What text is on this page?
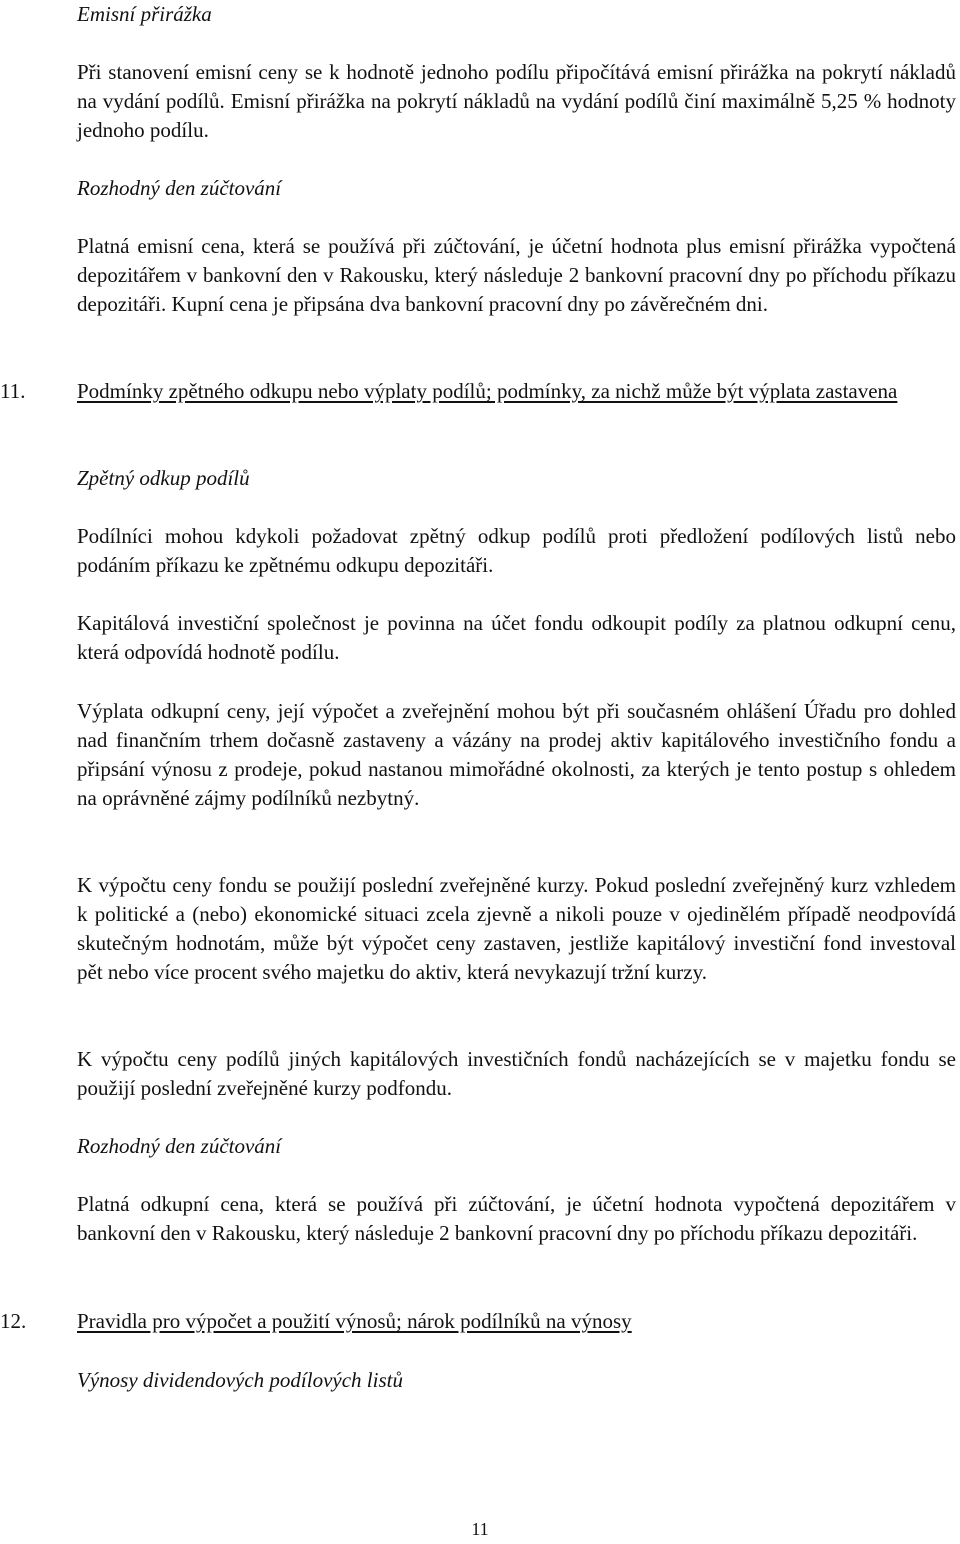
Emisní přirážka

Při stanovení emisní ceny se k hodnotě jednoho podílu připočítává emisní přirážka na pokrytí nákladů na vydání podílů. Emisní přirážka na pokrytí nákladů na vydání podílů činí maximálně 5,25 % hodnoty jednoho podílu.

Rozhodný den zúčtování

Platná emisní cena, která se používá při zúčtování, je účetní hodnota plus emisní přirážka vypočtená depozitářem v bankovní den v Rakousku, který následuje 2 bankovní pracovní dny po příchodu příkazu depozitáři. Kupní cena je připsána dva bankovní pracovní dny po závěrečném dni.

11. Podmínky zpětného odkupu nebo výplaty podílů; podmínky, za nichž může být výplata zastavena

Zpětný odkup podílů

Podílníci mohou kdykoli požadovat zpětný odkup podílů proti předložení podílových listů nebo podáním příkazu ke zpětnému odkupu depozitáři.

Kapitálová investiční společnost je povinna na účet fondu odkoupit podíly za platnou odkupní cenu, která odpovídá hodnotě podílu.

Výplata odkupní ceny, její výpočet a zveřejnění mohou být při současném ohlášení Úřadu pro dohled nad finančním trhem dočasně zastaveny a vázány na prodej aktiv kapitálového investičního fondu a připsání výnosu z prodeje, pokud nastanou mimořádné okolnosti, za kterých je tento postup s ohledem na oprávněné zájmy podílníků nezbytný.

K výpočtu ceny fondu se použijí poslední zveřejněné kurzy. Pokud poslední zveřejněný kurz vzhledem k politické a (nebo) ekonomické situaci zcela zjevně a nikoli pouze v ojedinělém případě neodpovídá skutečným hodnotám, může být výpočet ceny zastaven, jestliže kapitálový investiční fond investoval pět nebo více procent svého majetku do aktiv, která nevykazují tržní kurzy.

K výpočtu ceny podílů jiných kapitálových investičních fondů nacházejících se v majetku fondu se použijí poslední zveřejněné kurzy podfondu.

Rozhodný den zúčtování

Platná odkupní cena, která se používá při zúčtování, je účetní hodnota vypočtená depozitářem v bankovní den v Rakousku, který následuje 2 bankovní pracovní dny po příchodu příkazu depozitáři.

12. Pravidla pro výpočet a použití výnosů; nárok podílníků na výnosy

Výnosy dividendových podílových listů

11
